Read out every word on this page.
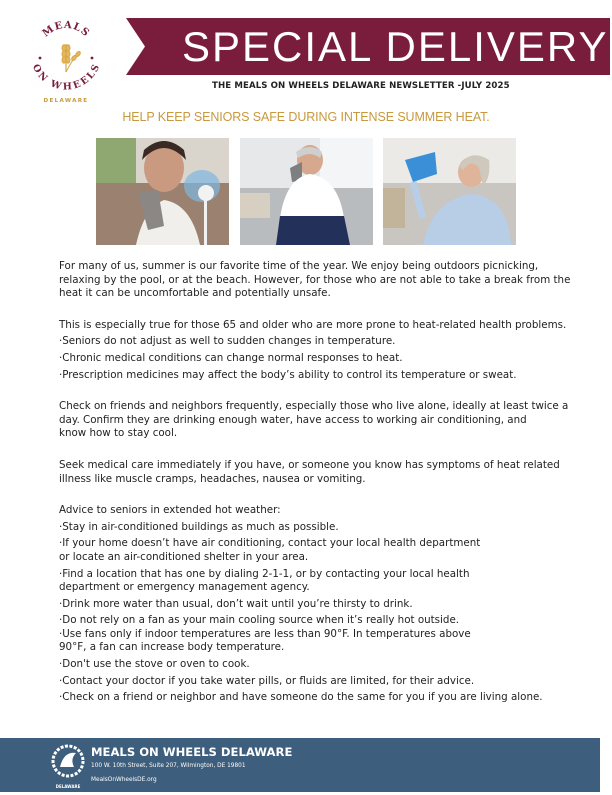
MEALS
ON WHEELS
DELAWARE
SPECIAL DELIVERY
THE MEALS ON WHEELS DELAWARE NEWSLETTER -JULY 2025
HELP KEEP SENIORS SAFE DURING INTENSE SUMMER HEAT.

For many of us, summer is our favorite time of the year. We enjoy being outdoors picnicking,

relaxing by the pool, or at the beach. However, for those who are not able to take a break from the

heat it can be uncomfortable and potentially unsafe.

This is especially true for those 65 and older who are more prone to heat-related health problems.

·Seniors do not adjust as well to sudden changes in temperature.

·Chronic medical conditions can change normal responses to heat.

·Prescription medicines may affect the body’s ability to control its temperature or sweat.

Check on friends and neighbors frequently, especially those who live alone, ideally at least twice a

day. Confirm they are drinking enough water, have access to working air conditioning, and

know how to stay cool.

Seek medical care immediately if you have, or someone you know has symptoms of heat related

illness like muscle cramps, headaches, nausea or vomiting.

Advice to seniors in extended hot weather:

·Stay in air-conditioned buildings as much as possible.

·If your home doesn’t have air conditioning, contact your local health department

or locate an air-conditioned shelter in your area.

·Find a location that has one by dialing 2-1-1, or by contacting your local health

department or emergency management agency.

·Drink more water than usual, don’t wait until you’re thirsty to drink.

·Do not rely on a fan as your main cooling source when it’s really hot outside.

·Use fans only if indoor temperatures are less than 90°F. In temperatures above

90°F, a fan can increase body temperature.

·Don't use the stove or oven to cook.

·Contact your doctor if you take water pills, or fluids are limited, for their advice.

·Check on a friend or neighbor and have someone do the same for you if you are living alone.

DELAWARE
MEALS ON WHEELS DELAWARE
100 W. 10th Street, Suite 207, Wilmington, DE 19801
MealsOnWheelsDE.org
